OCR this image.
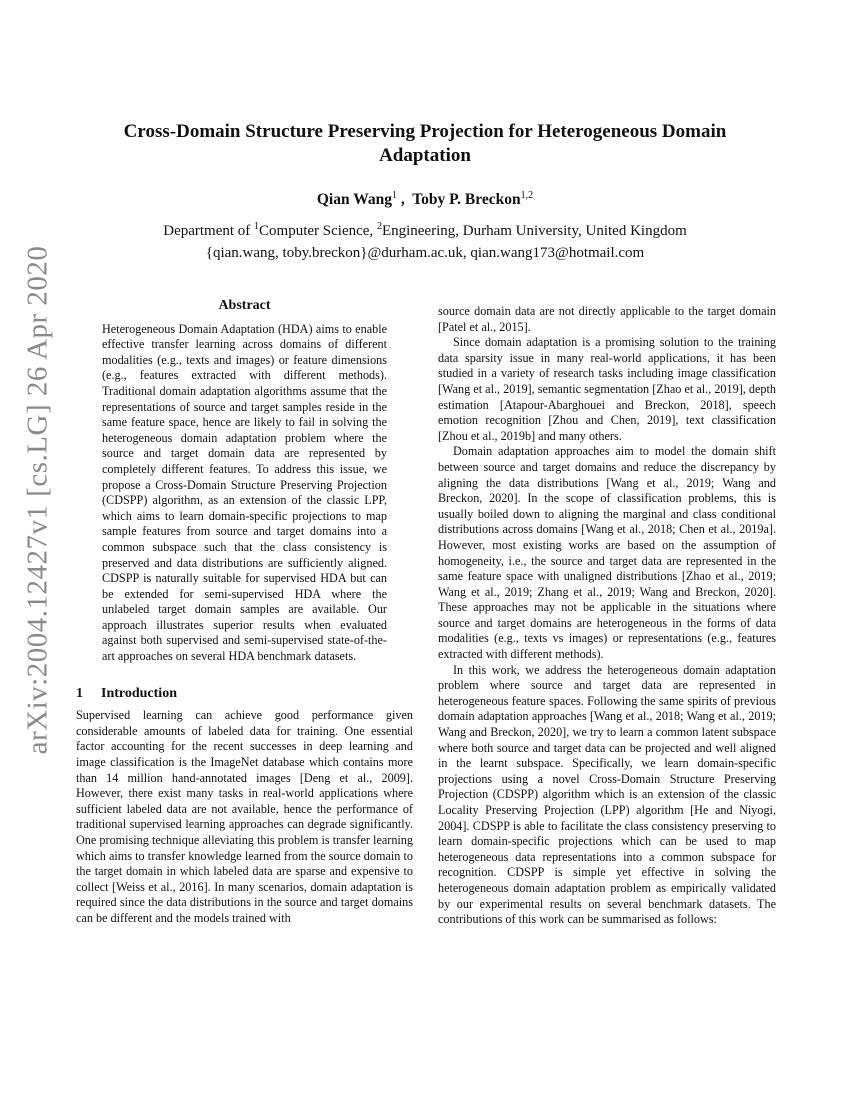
arXiv:2004.12427v1 [cs.LG] 26 Apr 2020
Cross-Domain Structure Preserving Projection for Heterogeneous Domain Adaptation
Qian Wang$^1$ ,  Toby P. Breckon$^{1,2}$
Department of $^1$Computer Science, $^2$Engineering, Durham University, United Kingdom
{qian.wang, toby.breckon}@durham.ac.uk, qian.wang173@hotmail.com
Abstract

Heterogeneous Domain Adaptation (HDA) aims to enable effective transfer learning across domains of different modalities (e.g., texts and images) or feature dimensions (e.g., features extracted with different methods). Traditional domain adaptation algorithms assume that the representations of source and target samples reside in the same feature space, hence are likely to fail in solving the heterogeneous domain adaptation problem where the source and target domain data are represented by completely different features. To address this issue, we propose a Cross-Domain Structure Preserving Projection (CDSPP) algorithm, as an extension of the classic LPP, which aims to learn domain-specific projections to map sample features from source and target domains into a common subspace such that the class consistency is preserved and data distributions are sufficiently aligned. CDSPP is naturally suitable for supervised HDA but can be extended for semi-supervised HDA where the unlabeled target domain samples are available. Our approach illustrates superior results when evaluated against both supervised and semi-supervised state-of-the-art approaches on several HDA benchmark datasets.

1 Introduction

Supervised learning can achieve good performance given considerable amounts of labeled data for training. One essential factor accounting for the recent successes in deep learning and image classification is the ImageNet database which contains more than 14 million hand-annotated images [Deng et al., 2009]. However, there exist many tasks in real-world applications where sufficient labeled data are not available, hence the performance of traditional supervised learning approaches can degrade significantly. One promising technique alleviating this problem is transfer learning which aims to transfer knowledge learned from the source domain to the target domain in which labeled data are sparse and expensive to collect [Weiss et al., 2016]. In many scenarios, domain adaptation is required since the data distributions in the source and target domains can be different and the models trained with

source domain data are not directly applicable to the target domain [Patel et al., 2015].

Since domain adaptation is a promising solution to the training data sparsity issue in many real-world applications, it has been studied in a variety of research tasks including image classification [Wang et al., 2019], semantic segmentation [Zhao et al., 2019], depth estimation [Atapour-Abarghouei and Breckon, 2018], speech emotion recognition [Zhou and Chen, 2019], text classification [Zhou et al., 2019b] and many others.

Domain adaptation approaches aim to model the domain shift between source and target domains and reduce the discrepancy by aligning the data distributions [Wang et al., 2019; Wang and Breckon, 2020]. In the scope of classification problems, this is usually boiled down to aligning the marginal and class conditional distributions across domains [Wang et al., 2018; Chen et al., 2019a]. However, most existing works are based on the assumption of homogeneity, i.e., the source and target data are represented in the same feature space with unaligned distributions [Zhao et al., 2019; Wang et al., 2019; Zhang et al., 2019; Wang and Breckon, 2020]. These approaches may not be applicable in the situations where source and target domains are heterogeneous in the forms of data modalities (e.g., texts vs images) or representations (e.g., features extracted with different methods).

In this work, we address the heterogeneous domain adaptation problem where source and target data are represented in heterogeneous feature spaces. Following the same spirits of previous domain adaptation approaches [Wang et al., 2018; Wang et al., 2019; Wang and Breckon, 2020], we try to learn a common latent subspace where both source and target data can be projected and well aligned in the learnt subspace. Specifically, we learn domain-specific projections using a novel Cross-Domain Structure Preserving Projection (CDSPP) algorithm which is an extension of the classic Locality Preserving Projection (LPP) algorithm [He and Niyogi, 2004]. CDSPP is able to facilitate the class consistency preserving to learn domain-specific projections which can be used to map heterogeneous data representations into a common subspace for recognition. CDSPP is simple yet effective in solving the heterogeneous domain adaptation problem as empirically validated by our experimental results on several benchmark datasets. The contributions of this work can be summarised as follows:
